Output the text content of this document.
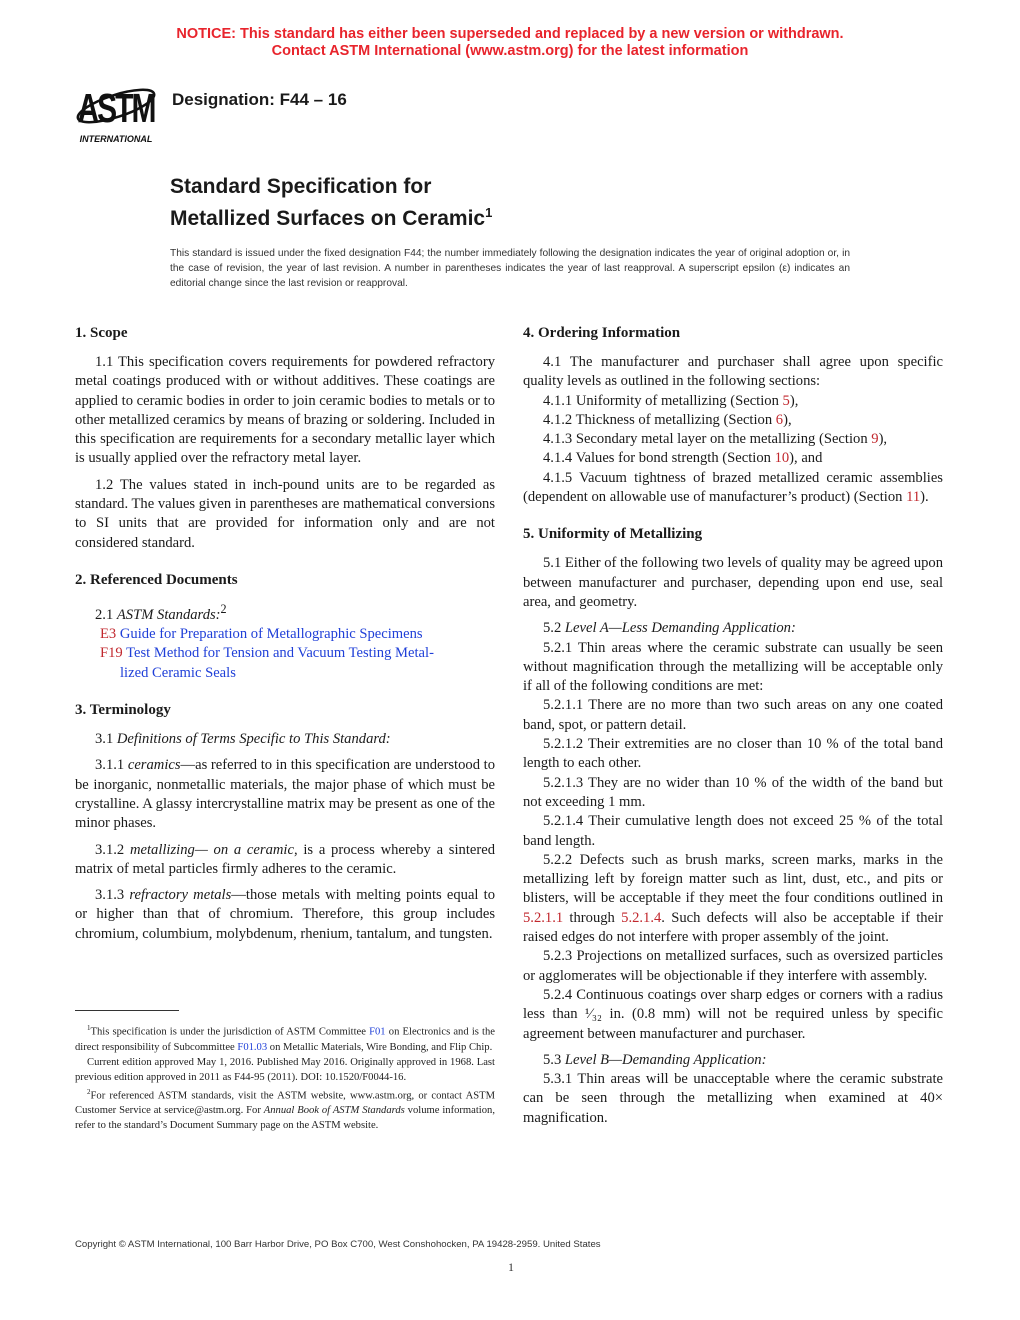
NOTICE: This standard has either been superseded and replaced by a new version or withdrawn.
Contact ASTM International (www.astm.org) for the latest information
ASTM
INTERNATIONAL
Designation: F44 – 16
Standard Specification for
Metallized Surfaces on Ceramic$^1$
This standard is issued under the fixed designation F44; the number immediately following the designation indicates the year of original adoption or, in the case of revision, the year of last revision. A number in parentheses indicates the year of last reapproval. A superscript epsilon (ε) indicates an editorial change since the last revision or reapproval.
1. Scope

1.1 This specification covers requirements for powdered refractory metal coatings produced with or without additives. These coatings are applied to ceramic bodies in order to join ceramic bodies to metals or to other metallized ceramics by means of brazing or soldering. Included in this specification are requirements for a secondary metallic layer which is usually applied over the refractory metal layer.

1.2 The values stated in inch-pound units are to be regarded as standard. The values given in parentheses are mathematical conversions to SI units that are provided for information only and are not considered standard.

2. Referenced Documents

2.1 ASTM Standards:$^2$

E3 Guide for Preparation of Metallographic Specimens
F19 Test Method for Tension and Vacuum Testing Metal-
lized Ceramic Seals
3. Terminology

3.1 Definitions of Terms Specific to This Standard:

3.1.1 ceramics—as referred to in this specification are understood to be inorganic, nonmetallic materials, the major phase of which must be crystalline. A glassy intercrystalline matrix may be present as one of the minor phases.

3.1.2 metallizing— on a ceramic, is a process whereby a sintered matrix of metal particles firmly adheres to the ceramic.

3.1.3 refractory metals—those metals with melting points equal to or higher than that of chromium. Therefore, this group includes chromium, columbium, molybdenum, rhenium, tantalum, and tungsten.

$^1$This specification is under the jurisdiction of ASTM Committee F01 on Electronics and is the direct responsibility of Subcommittee F01.03 on Metallic Materials, Wire Bonding, and Flip Chip.

Current edition approved May 1, 2016. Published May 2016. Originally approved in 1968. Last previous edition approved in 2011 as F44-95 (2011). DOI: 10.1520/F0044-16.

$^2$For referenced ASTM standards, visit the ASTM website, www.astm.org, or contact ASTM Customer Service at service@astm.org. For Annual Book of ASTM Standards volume information, refer to the standard’s Document Summary page on the ASTM website.

4. Ordering Information

4.1 The manufacturer and purchaser shall agree upon specific quality levels as outlined in the following sections:

4.1.1 Uniformity of metallizing (Section 5),

4.1.2 Thickness of metallizing (Section 6),

4.1.3 Secondary metal layer on the metallizing (Section 9),

4.1.4 Values for bond strength (Section 10), and

4.1.5 Vacuum tightness of brazed metallized ceramic assemblies (dependent on allowable use of manufacturer’s product) (Section 11).

5. Uniformity of Metallizing

5.1 Either of the following two levels of quality may be agreed upon between manufacturer and purchaser, depending upon end use, seal area, and geometry.

5.2 Level A—Less Demanding Application:

5.2.1 Thin areas where the ceramic substrate can usually be seen without magnification through the metallizing will be acceptable only if all of the following conditions are met:

5.2.1.1 There are no more than two such areas on any one coated band, spot, or pattern detail.

5.2.1.2 Their extremities are no closer than 10 % of the total band length to each other.

5.2.1.3 They are no wider than 10 % of the width of the band but not exceeding 1 mm.

5.2.1.4 Their cumulative length does not exceed 25 % of the total band length.

5.2.2 Defects such as brush marks, screen marks, marks in the metallizing left by foreign matter such as lint, dust, etc., and pits or blisters, will be acceptable if they meet the four conditions outlined in 5.2.1.1 through 5.2.1.4. Such defects will also be acceptable if their raised edges do not interfere with proper assembly of the joint.

5.2.3 Projections on metallized surfaces, such as oversized particles or agglomerates will be objectionable if they interfere with assembly.

5.2.4 Continuous coatings over sharp edges or corners with a radius less than ¹⁄₃₂ in. (0.8 mm) will not be required unless by specific agreement between manufacturer and purchaser.

5.3 Level B—Demanding Application:

5.3.1 Thin areas will be unacceptable where the ceramic substrate can be seen through the metallizing when examined at 40× magnification.

Copyright © ASTM International, 100 Barr Harbor Drive, PO Box C700, West Conshohocken, PA 19428-2959. United States
1
